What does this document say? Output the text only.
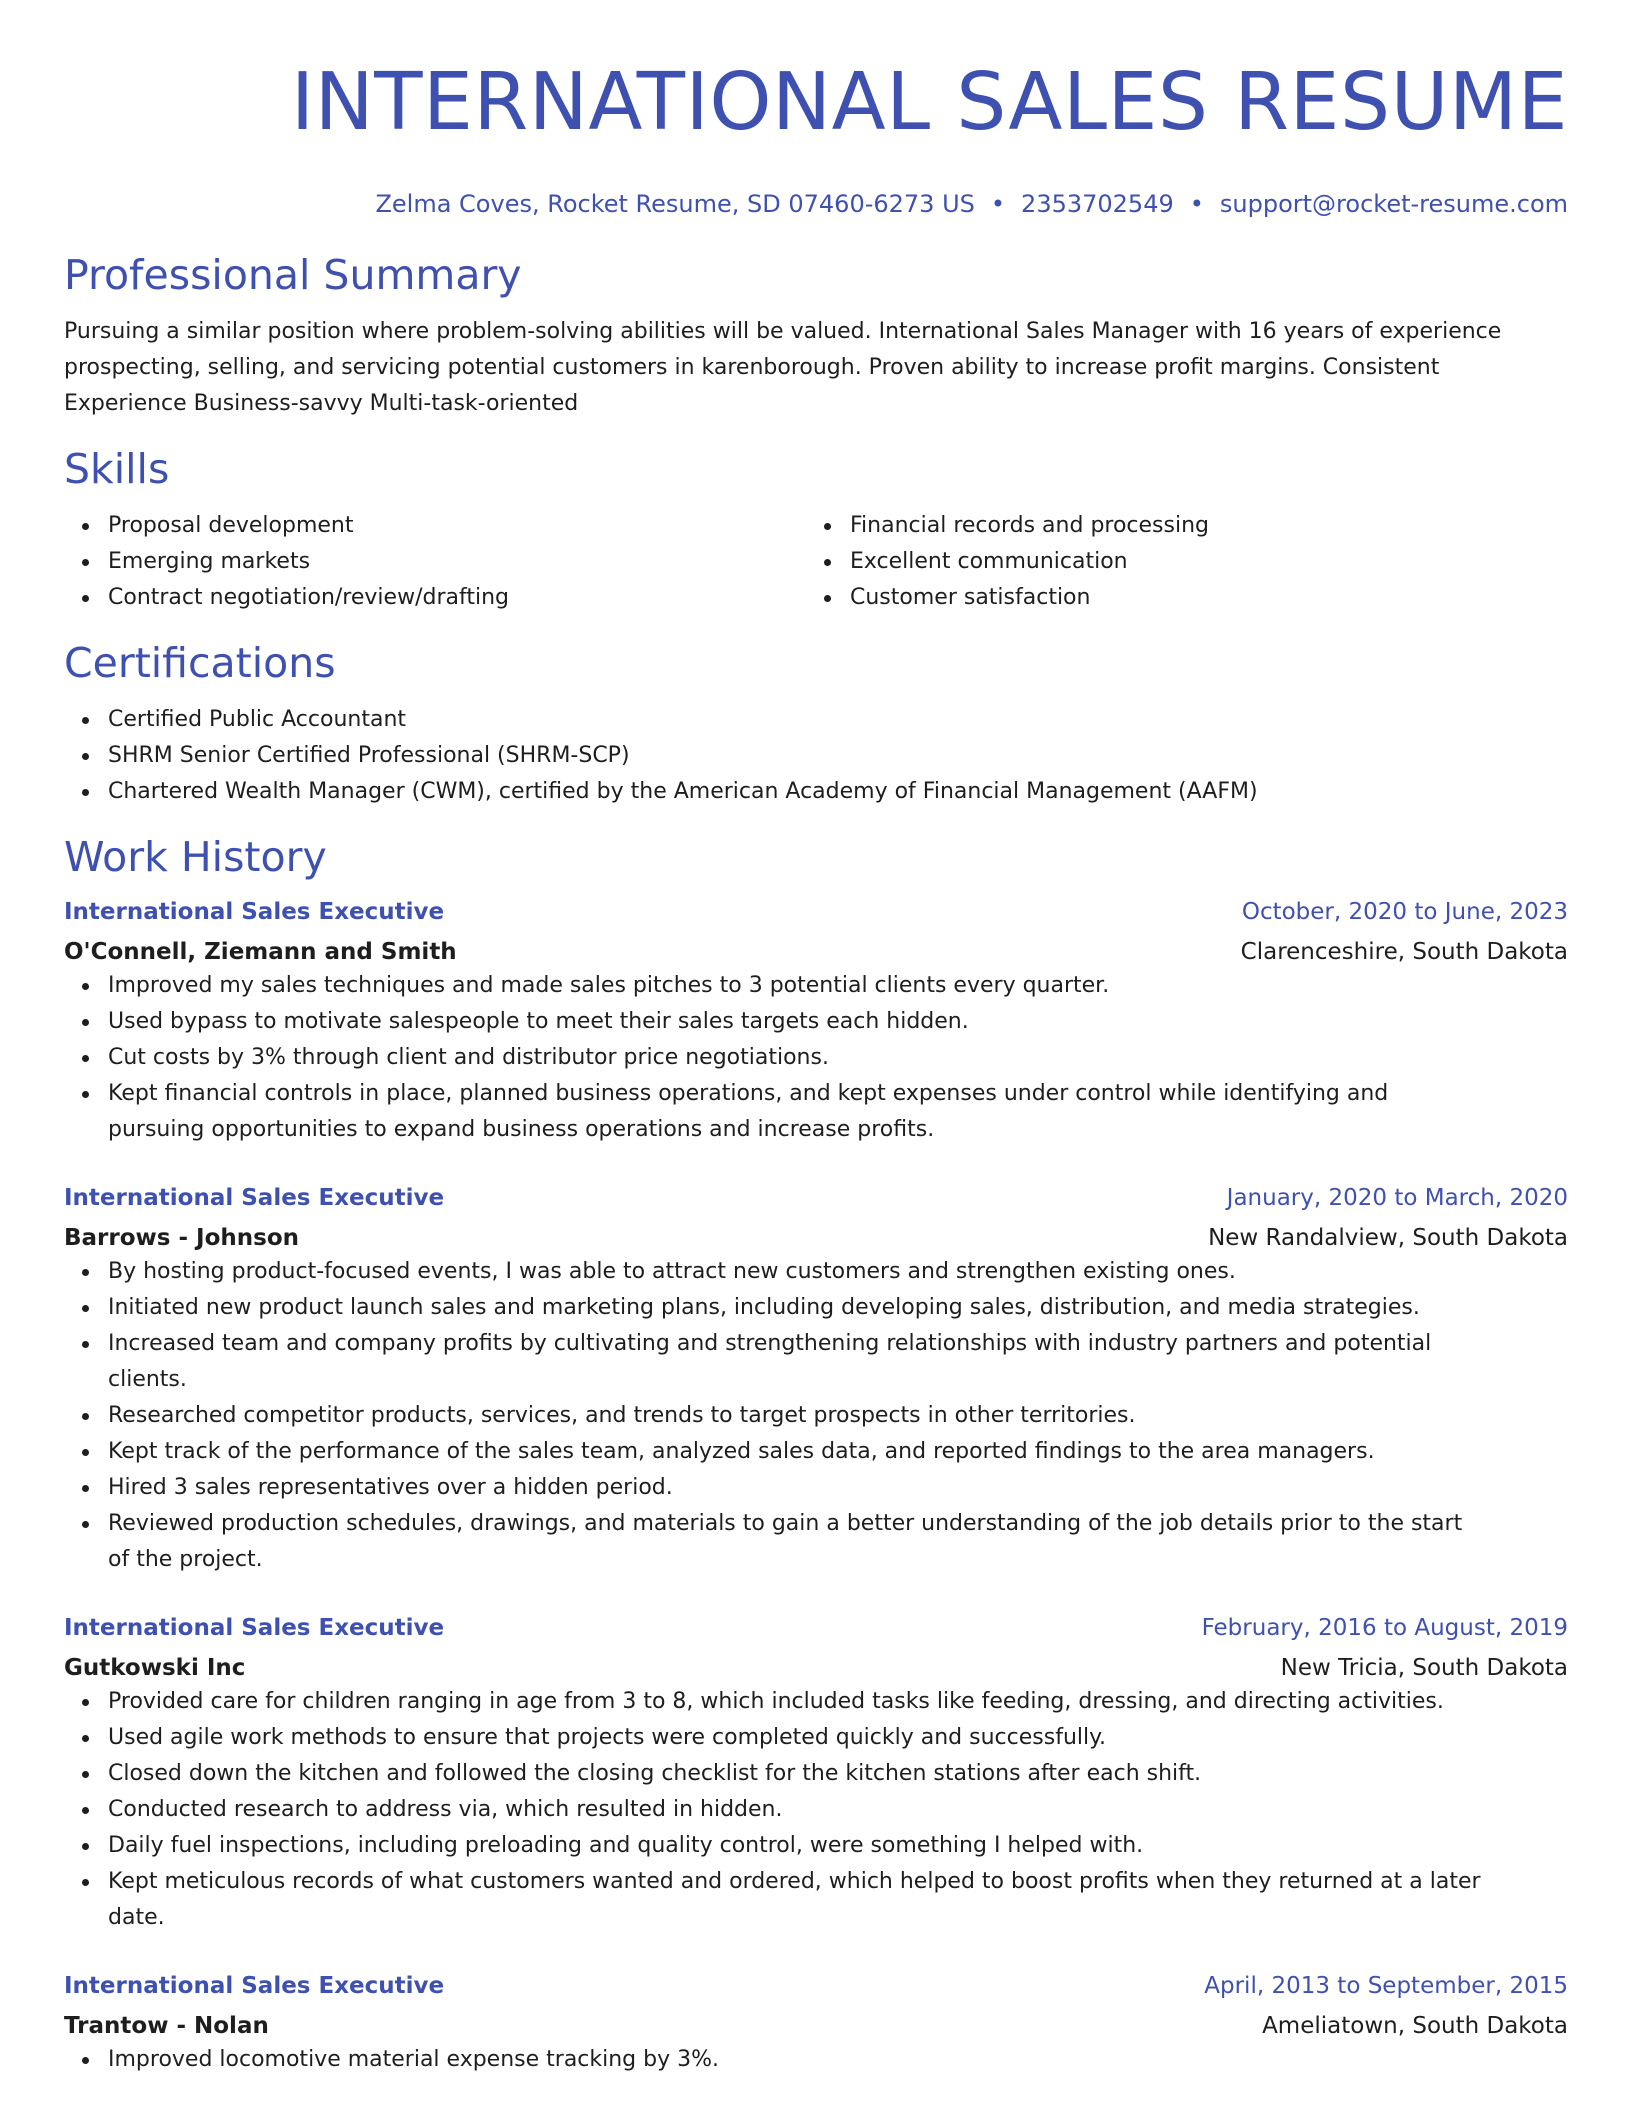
INTERNATIONAL SALES RESUME
Zelma Coves, Rocket Resume, SD 07460-6273 US • 2353702549 • support@rocket-resume.com
Professional Summary
Pursuing a similar position where problem-solving abilities will be valued. International Sales Manager with 16 years of experience prospecting, selling, and servicing potential customers in karenborough. Proven ability to increase profit margins. Consistent Experience Business-savvy Multi-task-oriented
Skills
Proposal development
Emerging markets
Contract negotiation/review/drafting
Financial records and processing
Excellent communication
Customer satisfaction
Certifications
Certified Public Accountant
SHRM Senior Certified Professional (SHRM-SCP)
Chartered Wealth Manager (CWM), certified by the American Academy of Financial Management (AAFM)
Work History
International Sales Executive	October, 2020 to June, 2023
O'Connell, Ziemann and Smith	Clarenceshire, South Dakota
Improved my sales techniques and made sales pitches to 3 potential clients every quarter.
Used bypass to motivate salespeople to meet their sales targets each hidden.
Cut costs by 3% through client and distributor price negotiations.
Kept financial controls in place, planned business operations, and kept expenses under control while identifying and pursuing opportunities to expand business operations and increase profits.
International Sales Executive	January, 2020 to March, 2020
Barrows - Johnson	New Randalview, South Dakota
By hosting product-focused events, I was able to attract new customers and strengthen existing ones.
Initiated new product launch sales and marketing plans, including developing sales, distribution, and media strategies.
Increased team and company profits by cultivating and strengthening relationships with industry partners and potential clients.
Researched competitor products, services, and trends to target prospects in other territories.
Kept track of the performance of the sales team, analyzed sales data, and reported findings to the area managers.
Hired 3 sales representatives over a hidden period.
Reviewed production schedules, drawings, and materials to gain a better understanding of the job details prior to the start of the project.
International Sales Executive	February, 2016 to August, 2019
Gutkowski Inc	New Tricia, South Dakota
Provided care for children ranging in age from 3 to 8, which included tasks like feeding, dressing, and directing activities.
Used agile work methods to ensure that projects were completed quickly and successfully.
Closed down the kitchen and followed the closing checklist for the kitchen stations after each shift.
Conducted research to address via, which resulted in hidden.
Daily fuel inspections, including preloading and quality control, were something I helped with.
Kept meticulous records of what customers wanted and ordered, which helped to boost profits when they returned at a later date.
International Sales Executive	April, 2013 to September, 2015
Trantow - Nolan	Ameliatown, South Dakota
Improved locomotive material expense tracking by 3%.
